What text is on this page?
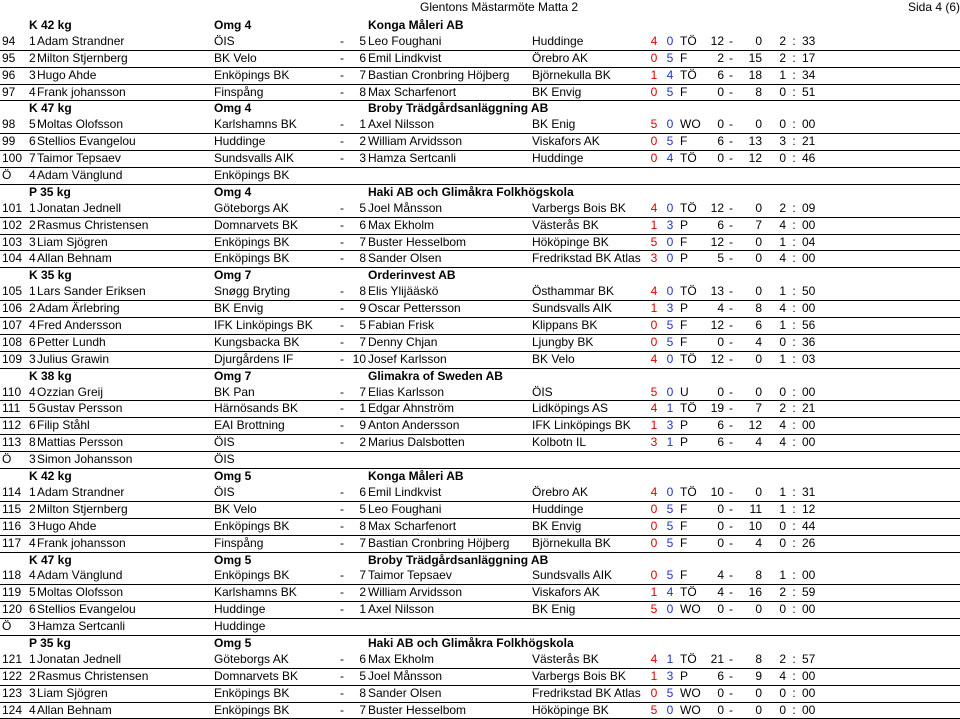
Glentons Mästarmöte Matta 2	Sida 4 (6)
K 42 kg	Omg 4	Konga Måleri AB
94	1 Adam Strandner	ÖIS	-	5 Leo Foughani	Huddinge	4 0 TÖ	12 -	0	2 : 33
95	2 Milton Stjernberg	BK Velo	-	6 Emil Lindkvist	Örebro AK	0 5 F	2 -	15	2 : 17
96	3 Hugo Ahde	Enköpings BK	-	7 Bastian Cronbring Höjberg	Björnekulla BK	1 4 TÖ	6 -	18	1 : 34
97	4 Frank johansson	Finspång	-	8 Max Scharfenort	BK Envig	0 5 F	0 -	8	0 : 51
K 47 kg	Omg 4	Broby Trädgårdsanläggning AB
98	5 Moltas Olofsson	Karlshamns BK	-	1 Axel Nilsson	BK Enig	5 0 WO	0 -	0	0 : 00
99	6 Stellios Evangelou	Huddinge	-	2 William Arvidsson	Viskafors AK	0 5 F	6 -	13	3 : 21
100 7 Taimor Tepsaev	Sundsvalls AIK	-	3 Hamza Sertcanli	Huddinge	0 4 TÖ	0 -	12	0 : 46
Ö	4 Adam Vänglund	Enköpings BK
P 35 kg	Omg 4	Haki AB och Glimåkra Folkhögskola
101 1 Jonatan Jednell	Göteborgs AK	-	5 Joel Månsson	Varbergs Bois BK	4 0 TÖ	12 -	0	2 : 09
102 2 Rasmus Christensen	Domnarvets BK	-	6 Max Ekholm	Västerås BK	1 3 P	6 -	7	4 : 00
103 3 Liam Sjögren	Enköpings BK	-	7 Buster Hesselbom	Hököpinge BK	5 0 F	12 -	0	1 : 04
104 4 Allan Behnam	Enköpings BK	-	8 Sander Olsen	Fredrikstad BK Atlas 3 0 P	5 -	0	4 : 00
K 35 kg	Omg 7	Orderinvest AB
105 1 Lars Sander Eriksen	Snøgg Bryting	-	8 Elis Ylijääskö	Östhammar BK	4 0 TÖ	13 -	0	1 : 50
106 2 Adam Ärlebring	BK Envig	-	9 Oscar Pettersson	Sundsvalls AIK	1 3 P	4 -	8	4 : 00
107 4 Fred Andersson	IFK Linköpings BK	-	5 Fabian Frisk	Klippans BK	0 5 F	12 -	6	1 : 56
108 6 Petter Lundh	Kungsbacka BK	-	7 Denny Chjan	Ljungby BK	0 5 F	0 -	4	0 : 36
109 3 Julius Grawin	Djurgårdens IF	- 10 Josef Karlsson	BK Velo	4 0 TÖ	12 -	0	1 : 03
K 38 kg	Omg 7	Glimakra of Sweden AB
110 4 Ozzian Greij	BK Pan	-	7 Elias Karlsson	ÖIS	5 0 U	0 -	0	0 : 00
111 5 Gustav Persson	Härnösands BK	-	1 Edgar Ahnström	Lidköpings AS	4 1 TÖ	19 -	7	2 : 21
112 6 Filip Ståhl	EAI Brottning	-	9 Anton Andersson	IFK Linköpings BK	1 3 P	6 -	12	4 : 00
113 8 Mattias Persson	ÖIS	-	2 Marius Dalsbotten	Kolbotn IL	3 1 P	6 -	4	4 : 00
Ö	3 Simon Johansson	ÖIS
K 42 kg	Omg 5	Konga Måleri AB
114 1 Adam Strandner	ÖIS	-	6 Emil Lindkvist	Örebro AK	4 0 TÖ	10 -	0	1 : 31
115 2 Milton Stjernberg	BK Velo	-	5 Leo Foughani	Huddinge	0 5 F	0 -	11	1 : 12
116 3 Hugo Ahde	Enköpings BK	-	8 Max Scharfenort	BK Envig	0 5 F	0 -	10	0 : 44
117 4 Frank johansson	Finspång	-	7 Bastian Cronbring Höjberg	Björnekulla BK	0 5 F	0 -	4	0 : 26
K 47 kg	Omg 5	Broby Trädgårdsanläggning AB
118 4 Adam Vänglund	Enköpings BK	-	7 Taimor Tepsaev	Sundsvalls AIK	0 5 F	4 -	8	1 : 00
119 5 Moltas Olofsson	Karlshamns BK	-	2 William Arvidsson	Viskafors AK	1 4 TÖ	4 -	16	2 : 59
120 6 Stellios Evangelou	Huddinge	-	1 Axel Nilsson	BK Enig	5 0 WO	0 -	0	0 : 00
Ö	3 Hamza Sertcanli	Huddinge
P 35 kg	Omg 5	Haki AB och Glimåkra Folkhögskola
121 1 Jonatan Jednell	Göteborgs AK	-	6 Max Ekholm	Västerås BK	4 1 TÖ	21 -	8	2 : 57
122 2 Rasmus Christensen	Domnarvets BK	-	5 Joel Månsson	Varbergs Bois BK	1 3 P	6 -	9	4 : 00
123 3 Liam Sjögren	Enköpings BK	-	8 Sander Olsen	Fredrikstad BK Atlas 0 5 WO	0 -	0	0 : 00
124 4 Allan Behnam	Enköpings BK	-	7 Buster Hesselbom	Hököpinge BK	5 0 WO	0 -	0	0 : 00
